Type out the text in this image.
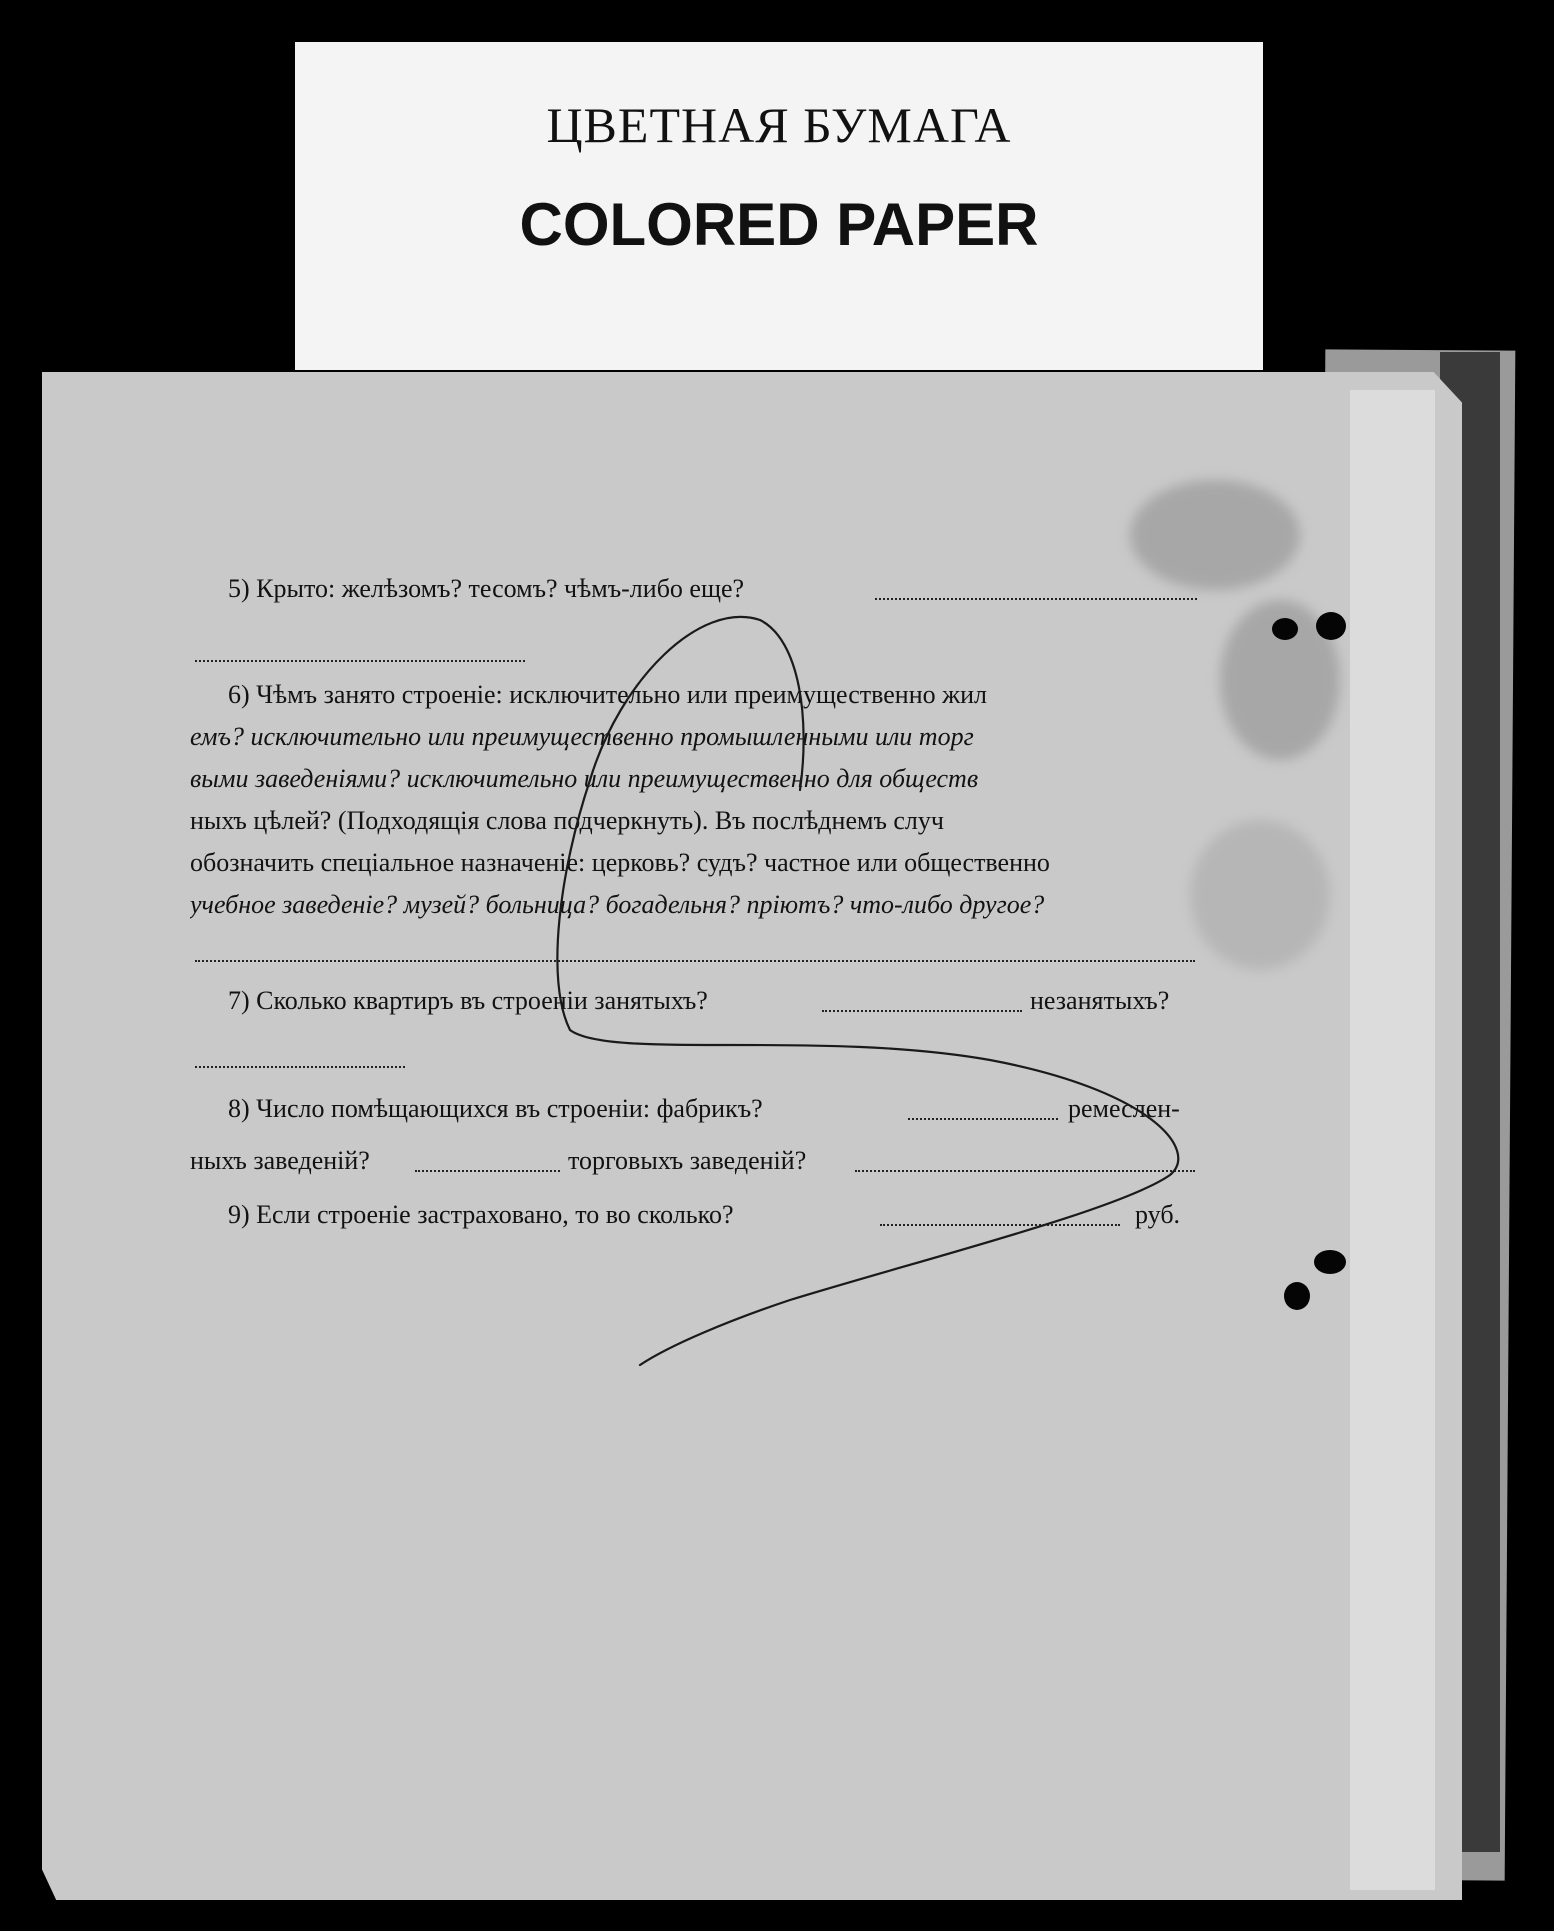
ЦВЕТНАЯ БУМАГА
COLORED PAPER
5) Крыто: желѣзомъ? тесомъ? чѣмъ-либо еще?
6) Чѣмъ занято строеніе: исключительно или преимущественно жил
емъ? исключительно или преимущественно промышленными или торг
выми заведеніями? исключительно или преимущественно для обществ
ныхъ цѣлей? (Подходящія слова подчеркнуть). Въ послѣднемъ случ
обозначить спеціальное назначеніе: церковь? судъ? частное или общественно
учебное заведеніе? музей? больница? богадельня? пріютъ? что-либо другое?
7) Сколько квартиръ въ строеніи занятыхъ?	незанятыхъ?
8) Число помѣщающихся въ строеніи: фабрикъ?	ремеслен-
ныхъ заведеній?	торговыхъ заведеній?
9) Если строеніе застраховано, то во сколько?	руб.
